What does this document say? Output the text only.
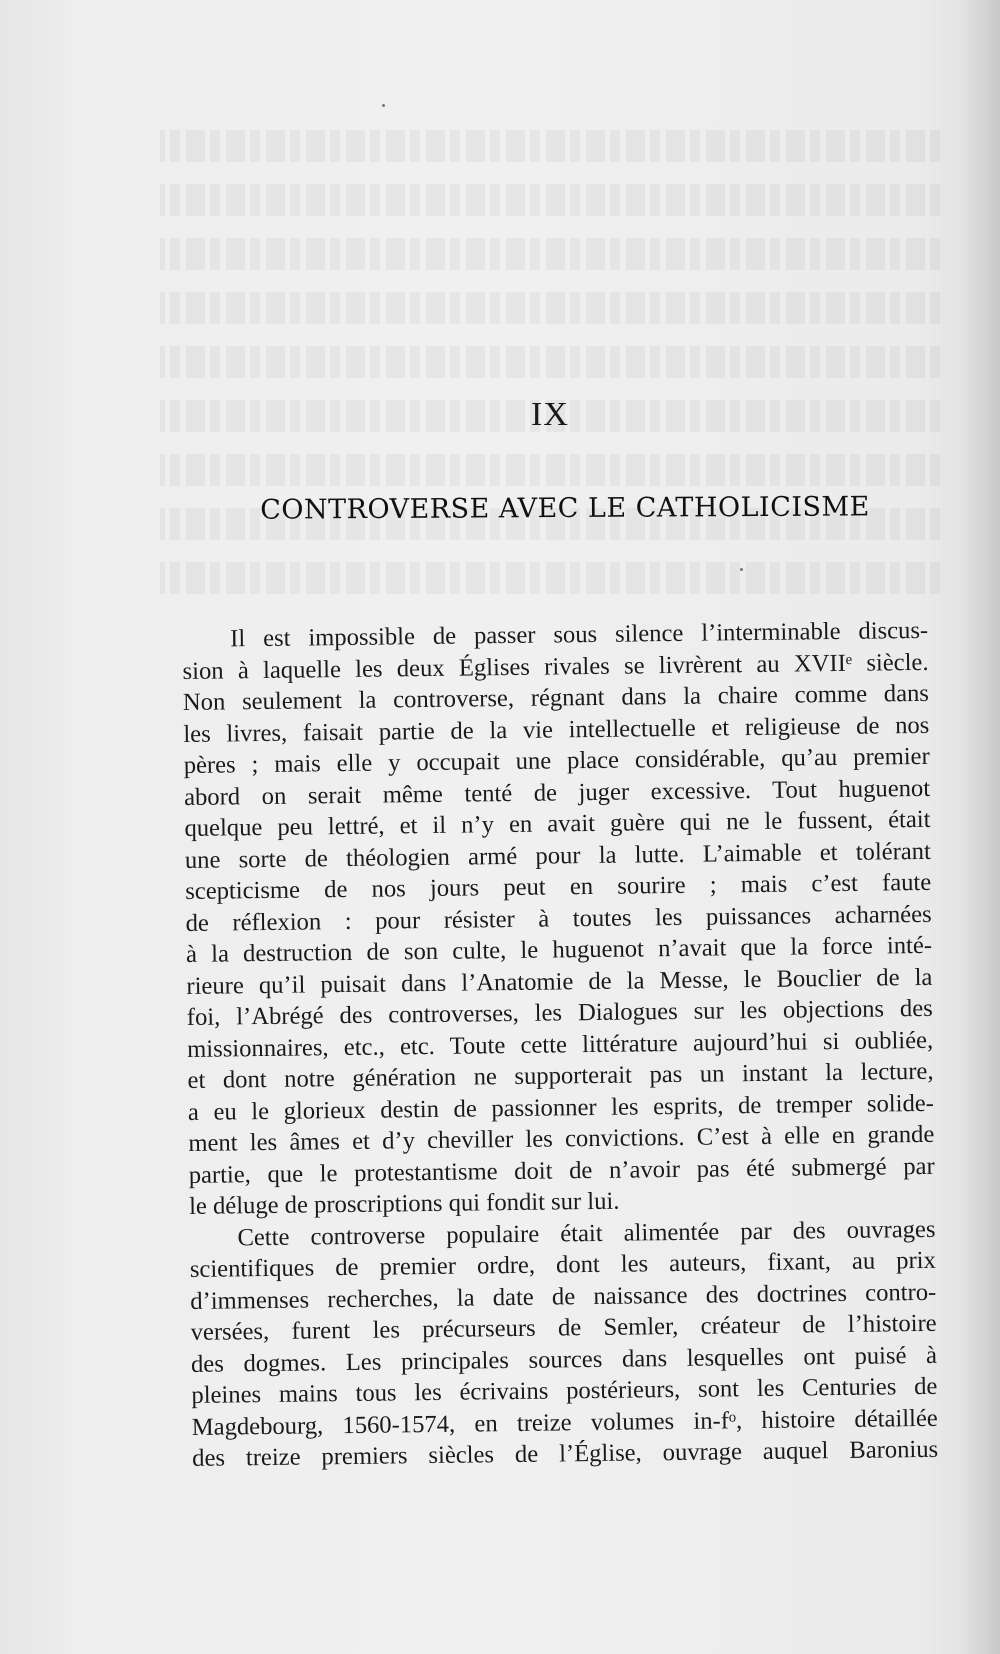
IX
CONTROVERSE AVEC LE CATHOLICISME

Il est impossible de passer sous silence l’interminable discus-
sion à laquelle les deux Églises rivales se livrèrent au XVIIᵉ siècle.
Non seulement la controverse, régnant dans la chaire comme dans
les livres, faisait partie de la vie intellectuelle et religieuse de nos
pères ; mais elle y occupait une place considérable, qu’au premier
abord on serait même tenté de juger excessive. Tout huguenot
quelque peu lettré, et il n’y en avait guère qui ne le fussent, était
une sorte de théologien armé pour la lutte. L’aimable et tolérant
scepticisme de nos jours peut en sourire ; mais c’est faute
de réflexion : pour résister à toutes les puissances acharnées
à la destruction de son culte, le huguenot n’avait que la force inté-
rieure qu’il puisait dans l’Anatomie de la Messe, le Bouclier de la
foi, l’Abrégé des controverses, les Dialogues sur les objections des
missionnaires, etc., etc. Toute cette littérature aujourd’hui si oubliée,
et dont notre génération ne supporterait pas un instant la lecture,
a eu le glorieux destin de passionner les esprits, de tremper solide-
ment les âmes et d’y cheviller les convictions. C’est à elle en grande
partie, que le protestantisme doit de n’avoir pas été submergé par
le déluge de proscriptions qui fondit sur lui.

Cette controverse populaire était alimentée par des ouvrages
scientifiques de premier ordre, dont les auteurs, fixant, au prix
d’immenses recherches, la date de naissance des doctrines contro-
versées, furent les précurseurs de Semler, créateur de l’histoire
des dogmes. Les principales sources dans lesquelles ont puisé à
pleines mains tous les écrivains postérieurs, sont les Centuries de
Magdebourg, 1560-1574, en treize volumes in-fᵒ, histoire détaillée
des treize premiers siècles de l’Église, ouvrage auquel Baronius
